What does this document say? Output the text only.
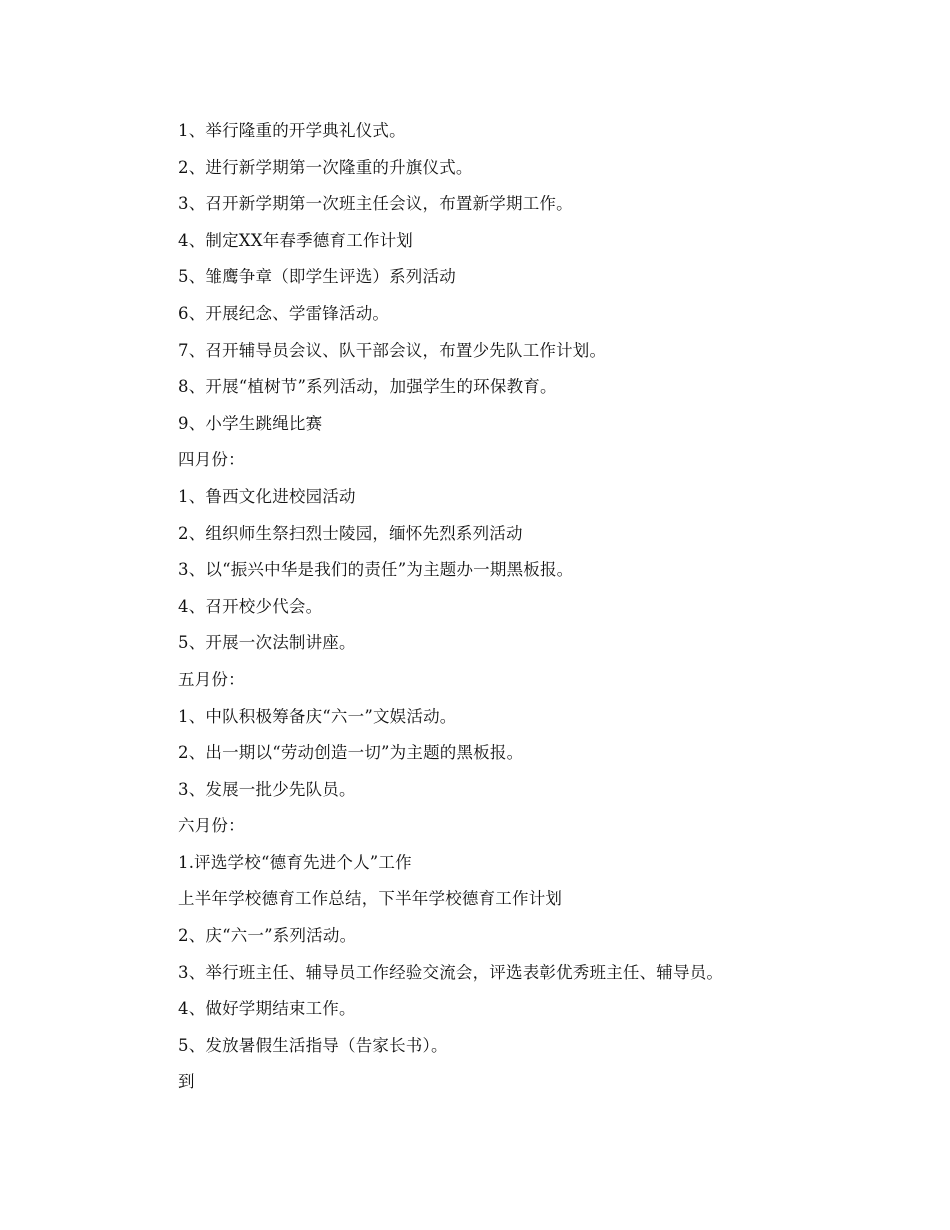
1、举行隆重的开学典礼仪式。
2、进行新学期第一次隆重的升旗仪式。
3、召开新学期第一次班主任会议，布置新学期工作。
4、制定XX年春季德育工作计划
5、雏鹰争章（即学生评选）系列活动
6、开展纪念、学雷锋活动。
7、召开辅导员会议、队干部会议，布置少先队工作计划。
8、开展“植树节”系列活动，加强学生的环保教育。
9、小学生跳绳比赛
四月份：
1、鲁西文化进校园活动
2、组织师生祭扫烈士陵园，缅怀先烈系列活动
3、以“振兴中华是我们的责任”为主题办一期黑板报。
4、召开校少代会。
5、开展一次法制讲座。
五月份：
1、中队积极筹备庆“六一”文娱活动。
2、出一期以“劳动创造一切”为主题的黑板报。
3、发展一批少先队员。
六月份：
1.评选学校“德育先进个人”工作
上半年学校德育工作总结，下半年学校德育工作计划
2、庆“六一”系列活动。
3、举行班主任、辅导员工作经验交流会，评选表彰优秀班主任、辅导员。
4、做好学期结束工作。
5、发放暑假生活指导（告家长书）。
到
